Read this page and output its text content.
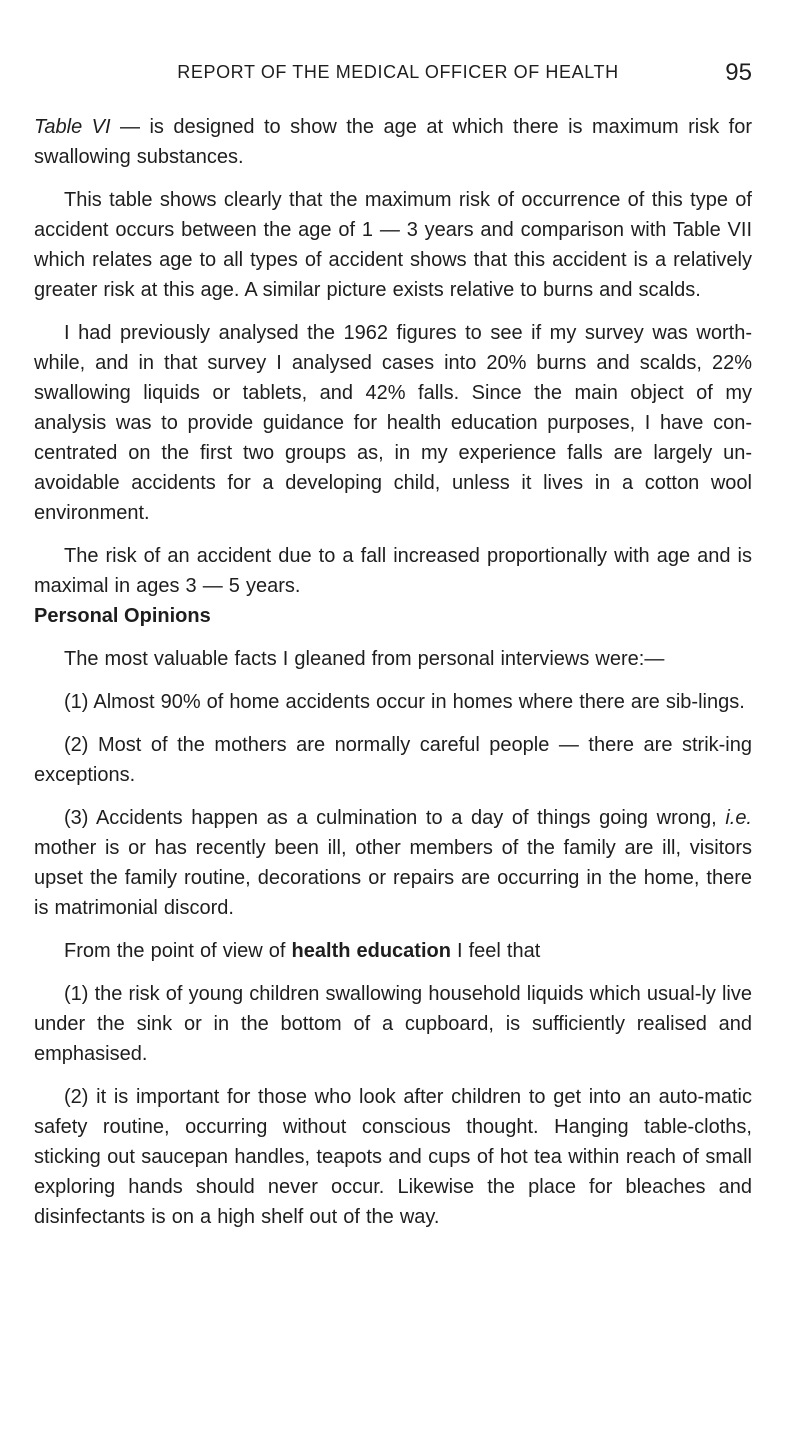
REPORT OF THE MEDICAL OFFICER OF HEALTH	95

Table VI — is designed to show the age at which there is maximum risk for swallowing substances.

This table shows clearly that the maximum risk of occurrence of this type of accident occurs between the age of 1 — 3 years and comparison with Table VII which relates age to all types of accident shows that this accident is a relatively greater risk at this age. A similar picture exists relative to burns and scalds.

I had previously analysed the 1962 figures to see if my survey was worth-while, and in that survey I analysed cases into 20% burns and scalds, 22% swallowing liquids or tablets, and 42% falls. Since the main object of my analysis was to provide guidance for health education purposes, I have con-centrated on the first two groups as, in my experience falls are largely un-avoidable accidents for a developing child, unless it lives in a cotton wool environment.

The risk of an accident due to a fall increased proportionally with age and is maximal in ages 3 — 5 years.

Personal Opinions

The most valuable facts I gleaned from personal interviews were:—

(1) Almost 90% of home accidents occur in homes where there are sib-lings.

(2) Most of the mothers are normally careful people — there are strik-ing exceptions.

(3) Accidents happen as a culmination to a day of things going wrong, i.e. mother is or has recently been ill, other members of the family are ill, visitors upset the family routine, decorations or repairs are occurring in the home, there is matrimonial discord.

From the point of view of health education I feel that

(1) the risk of young children swallowing household liquids which usual-ly live under the sink or in the bottom of a cupboard, is sufficiently realised and emphasised.

(2) it is important for those who look after children to get into an auto-matic safety routine, occurring without conscious thought. Hanging table-cloths, sticking out saucepan handles, teapots and cups of hot tea within reach of small exploring hands should never occur. Likewise the place for bleaches and disinfectants is on a high shelf out of the way.
